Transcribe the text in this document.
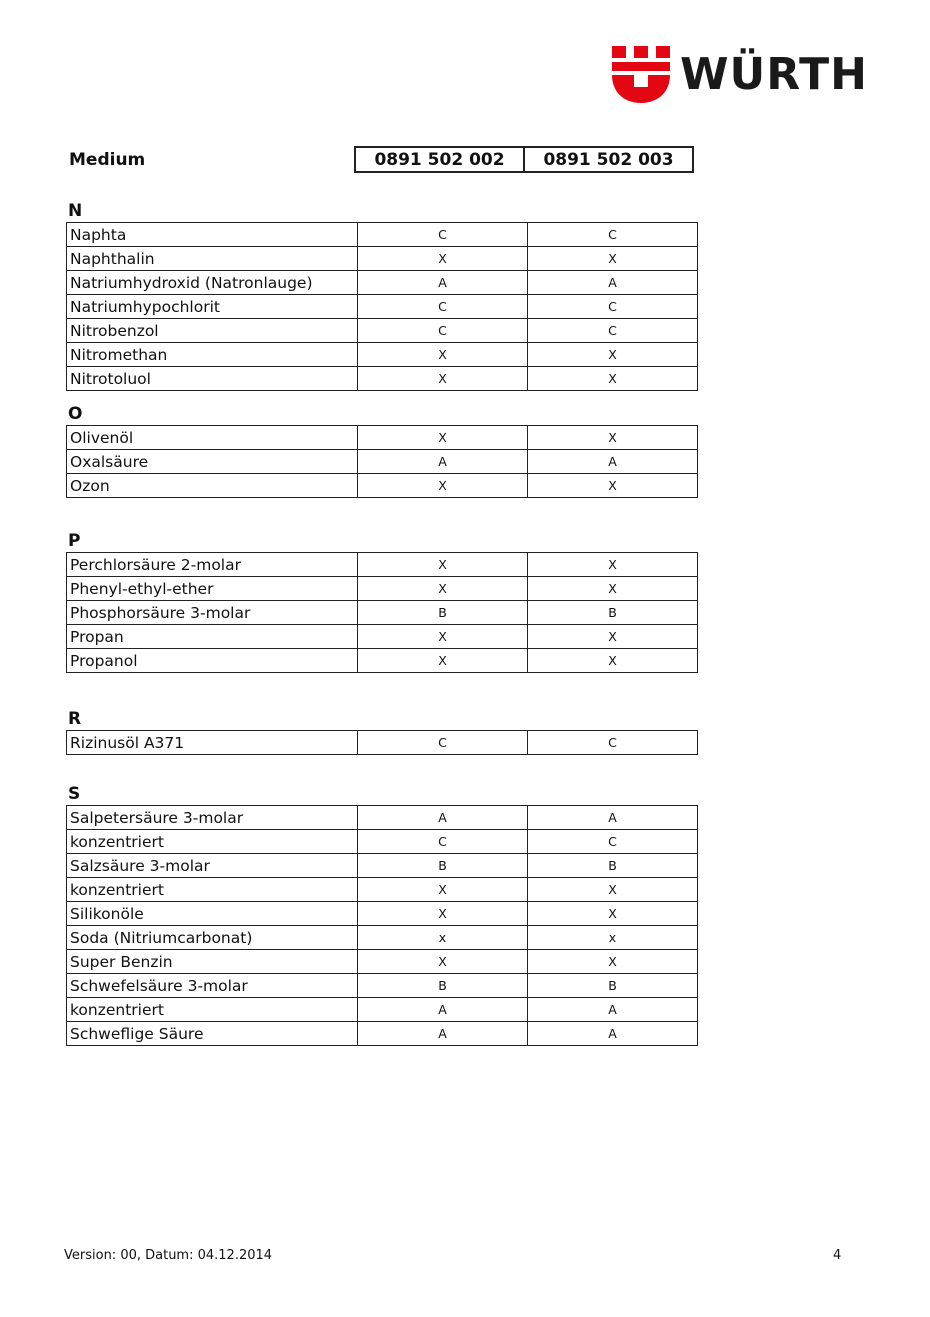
WÜRTH
Medium	0891 502 002	0891 502 003
N
Naphta	C	C
Naphthalin	X	X
Natriumhydroxid (Natronlauge)	A	A
Natriumhypochlorit	C	C
Nitrobenzol	C	C
Nitromethan	X	X
Nitrotoluol	X	X
O
Olivenöl	X	X
Oxalsäure	A	A
Ozon	X	X
P
Perchlorsäure 2-molar	X	X
Phenyl-ethyl-ether	X	X
Phosphorsäure 3-molar	B	B
Propan	X	X
Propanol	X	X
R
Rizinusöl A371	C	C
S
Salpetersäure 3-molar	A	A
konzentriert	C	C
Salzsäure 3-molar	B	B
konzentriert	X	X
Silikonöle	X	X
Soda (Nitriumcarbonat)	x	x
Super Benzin	X	X
Schwefelsäure 3-molar	B	B
konzentriert	A	A
Schweflige Säure	A	A
Version: 00, Datum: 04.12.2014	4
